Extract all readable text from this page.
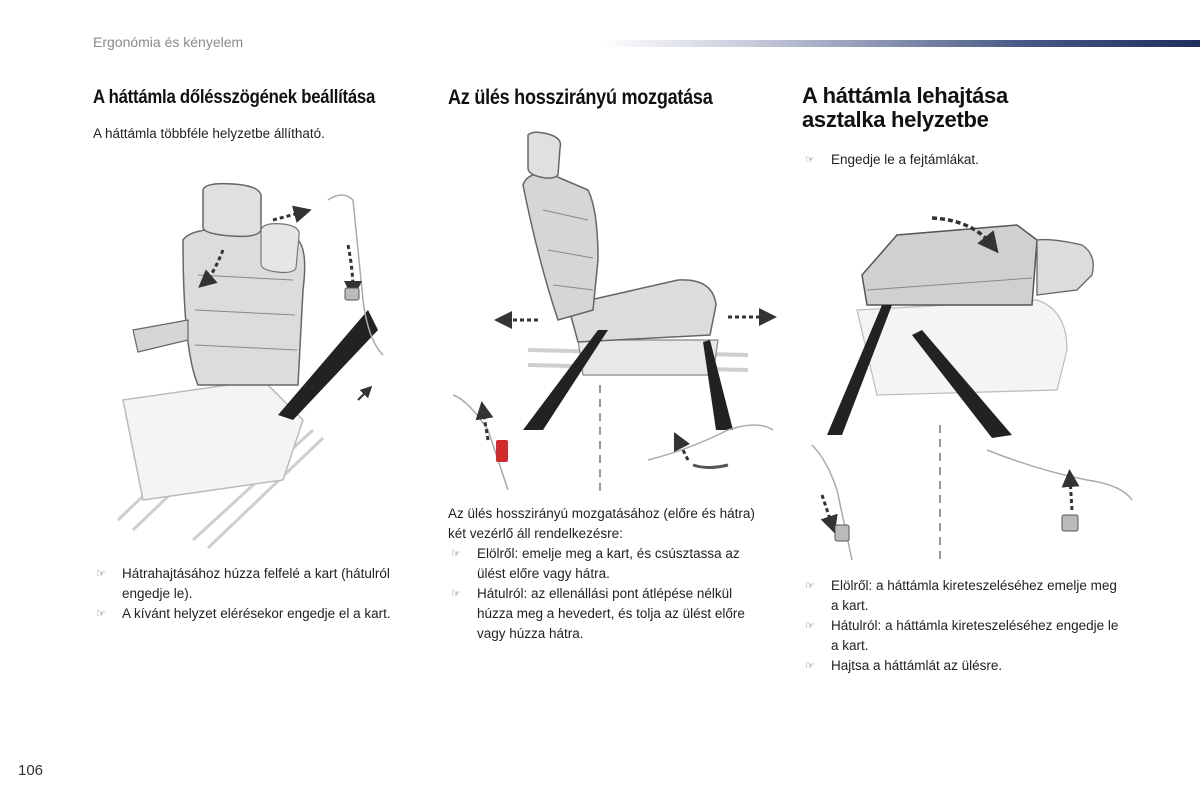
Ergonómia és kényelem
A háttámla dőlésszögének beállítása

A háttámla többféle helyzetbe állítható.

☞ Hátrahajtásához húzza felfelé a kart (hátulról engedje le).
☞ A kívánt helyzet elérésekor engedje el a kart.
Az ülés hosszirányú mozgatása

Az ülés hosszirányú mozgatásához (előre és hátra) két vezérlő áll rendelkezésre:

☞ Elölről: emelje meg a kart, és csúsztassa az ülést előre vagy hátra.
☞ Hátulról: az ellenállási pont átlépése nélkül húzza meg a hevedert, és tolja az ülést előre vagy húzza hátra.
A háttámla lehajtása
asztalka helyzetbe
☞ Engedje le a fejtámlákat.
☞ Elölről: a háttámla kireteszeléséhez emelje meg a kart.
☞ Hátulról: a háttámla kireteszeléséhez engedje le a kart.
☞ Hajtsa a háttámlát az ülésre.
106
